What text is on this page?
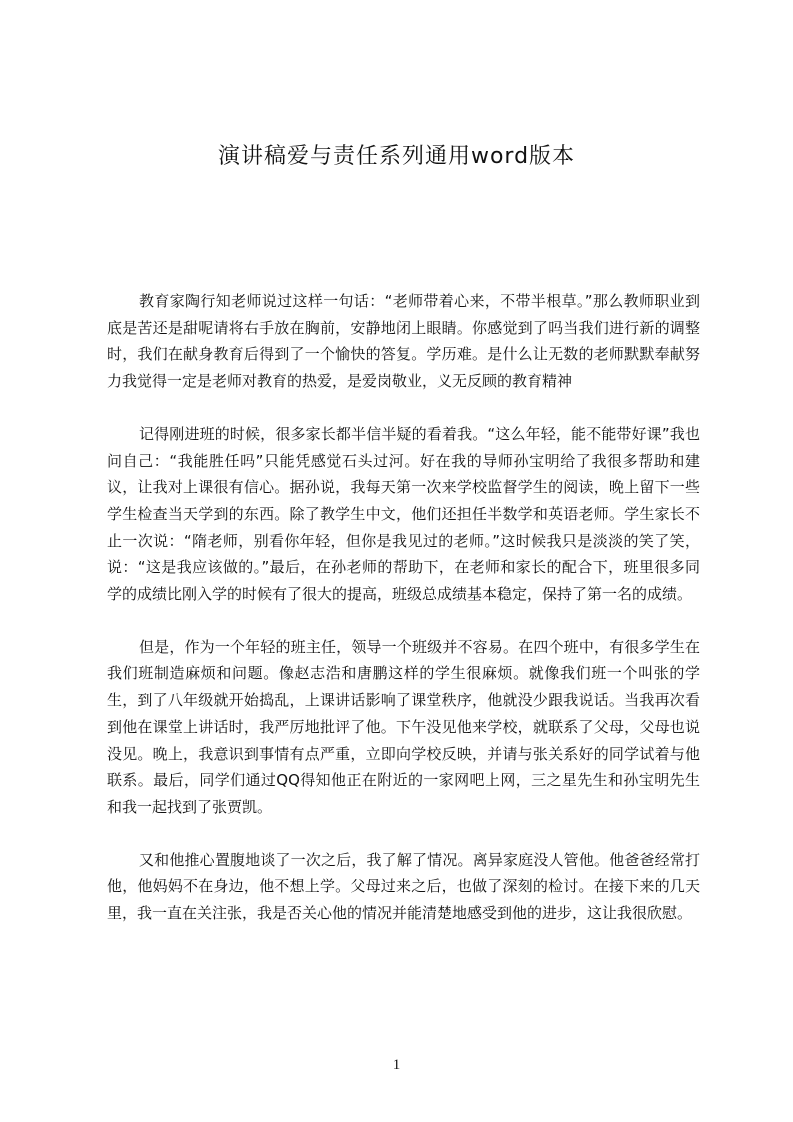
演讲稿爱与责任系列通用word版本

教育家陶行知老师说过这样一句话：“老师带着心来，不带半根草。”那么教师职业到底是苦还是甜呢请将右手放在胸前，安静地闭上眼睛。你感觉到了吗当我们进行新的调整时，我们在献身教育后得到了一个愉快的答复。学历难。是什么让无数的老师默默奉献努力我觉得一定是老师对教育的热爱，是爱岗敬业，义无反顾的教育精神

记得刚进班的时候，很多家长都半信半疑的看着我。“这么年轻，能不能带好课”我也问自己：“我能胜任吗”只能凭感觉石头过河。好在我的导师孙宝明给了我很多帮助和建议，让我对上课很有信心。据孙说，我每天第一次来学校监督学生的阅读，晚上留下一些学生检查当天学到的东西。除了教学生中文，他们还担任半数学和英语老师。学生家长不止一次说：“隋老师，别看你年轻，但你是我见过的老师。”这时候我只是淡淡的笑了笑，说：“这是我应该做的。”最后，在孙老师的帮助下，在老师和家长的配合下，班里很多同学的成绩比刚入学的时候有了很大的提高，班级总成绩基本稳定，保持了第一名的成绩。

但是，作为一个年轻的班主任，领导一个班级并不容易。在四个班中，有很多学生在我们班制造麻烦和问题。像赵志浩和唐鹏这样的学生很麻烦。就像我们班一个叫张的学生，到了八年级就开始捣乱，上课讲话影响了课堂秩序，他就没少跟我说话。当我再次看到他在课堂上讲话时，我严厉地批评了他。下午没见他来学校，就联系了父母，父母也说没见。晚上，我意识到事情有点严重，立即向学校反映，并请与张关系好的同学试着与他联系。最后，同学们通过QQ得知他正在附近的一家网吧上网，三之星先生和孙宝明先生和我一起找到了张贾凯。

又和他推心置腹地谈了一次之后，我了解了情况。离异家庭没人管他。他爸爸经常打他，他妈妈不在身边，他不想上学。父母过来之后，也做了深刻的检讨。在接下来的几天里，我一直在关注张，我是否关心他的情况并能清楚地感受到他的进步，这让我很欣慰。

1
